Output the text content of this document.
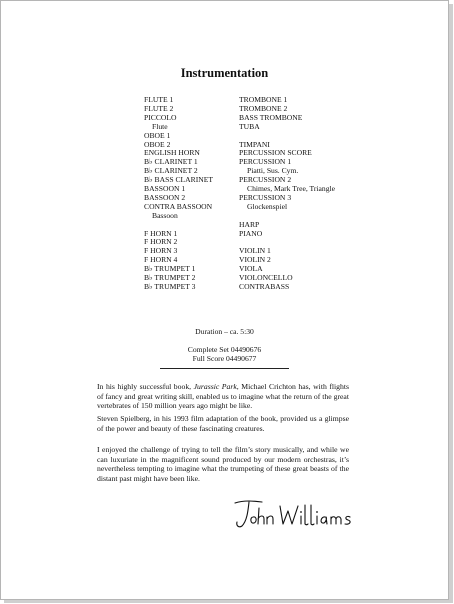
Instrumentation
FLUTE 1
FLUTE 2
PICCOLO
Flute
OBOE 1
OBOE 2
ENGLISH HORN
B♭ CLARINET 1
B♭ CLARINET 2
B♭ BASS CLARINET
BASSOON 1
BASSOON 2
CONTRA BASSOON
Bassoon
F HORN 1
F HORN 2
F HORN 3
F HORN 4
B♭ TRUMPET 1
B♭ TRUMPET 2
B♭ TRUMPET 3
TROMBONE 1
TROMBONE 2
BASS TROMBONE
TUBA
TIMPANI
PERCUSSION SCORE
PERCUSSION 1
Piatti, Sus. Cym.
PERCUSSION 2
Chimes, Mark Tree, Triangle
PERCUSSION 3
Glockenspiel
HARP
PIANO
VIOLIN 1
VIOLIN 2
VIOLA
VIOLONCELLO
CONTRABASS
Duration – ca. 5:30
Complete Set 04490676
Full Score 04490677

In his highly successful book, Jurassic Park, Michael Crichton has, with flights of fancy and great writing skill, enabled us to imagine what the return of the great vertebrates of 150 million years ago might be like.

Steven Spielberg, in his 1993 film adaptation of the book, provided us a glimpse of the power and beauty of these fascinating creatures.

I enjoyed the challenge of trying to tell the film’s story musically, and while we can luxuriate in the magnificent sound produced by our modern orchestras, it’s nevertheless tempting to imagine what the trumpeting of these great beasts of the distant past might have been like.
